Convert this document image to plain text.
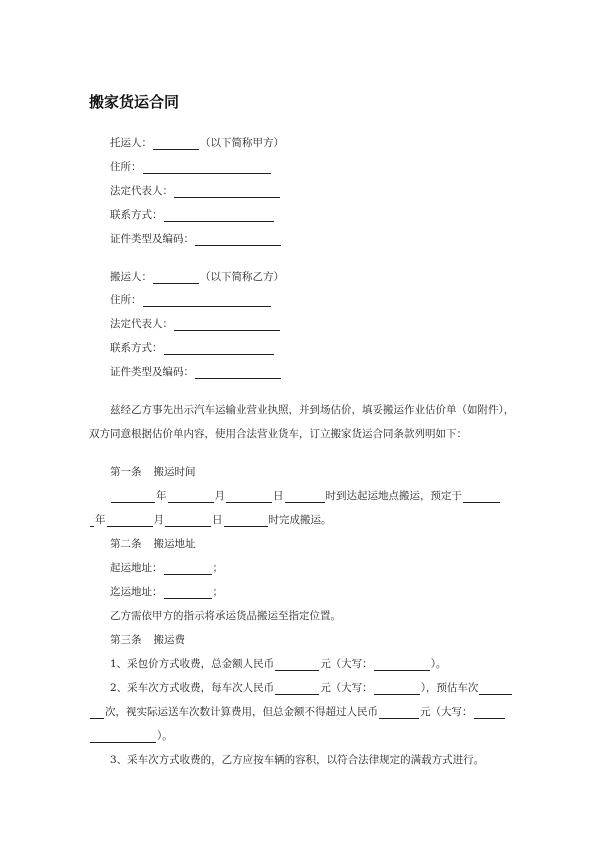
搬家货运合同
托运人：	（以下简称甲方）
住所：
法定代表人：
联系方式：
证件类型及编码：
搬运人：	（以下简称乙方）
住所：
法定代表人：
联系方式：
证件类型及编码：
兹经乙方事先出示汽车运输业营业执照，并到场估价，填妥搬运作业估价单（如附件），
双方同意根据估价单内容，使用合法营业货车，订立搬家货运合同条款列明如下：
第一条 搬运时间
年	月	日	时到达起运地点搬运，预定于
年	月	日	时完成搬运。
第二条 搬运地址
起运地址：	；
迄运地址：	；
乙方需依甲方的指示将承运货品搬运至指定位置。
第三条 搬运费
1、采包价方式收费，总金额人民币	元（大写：	）。
2、采车次方式收费，每车次人民币	元（大写：	），预估车次
次，视实际运送车次数计算费用，但总金额不得超过人民币	元（大写：
）。
3、采车次方式收费的，乙方应按车辆的容积，以符合法律规定的满载方式进行。
